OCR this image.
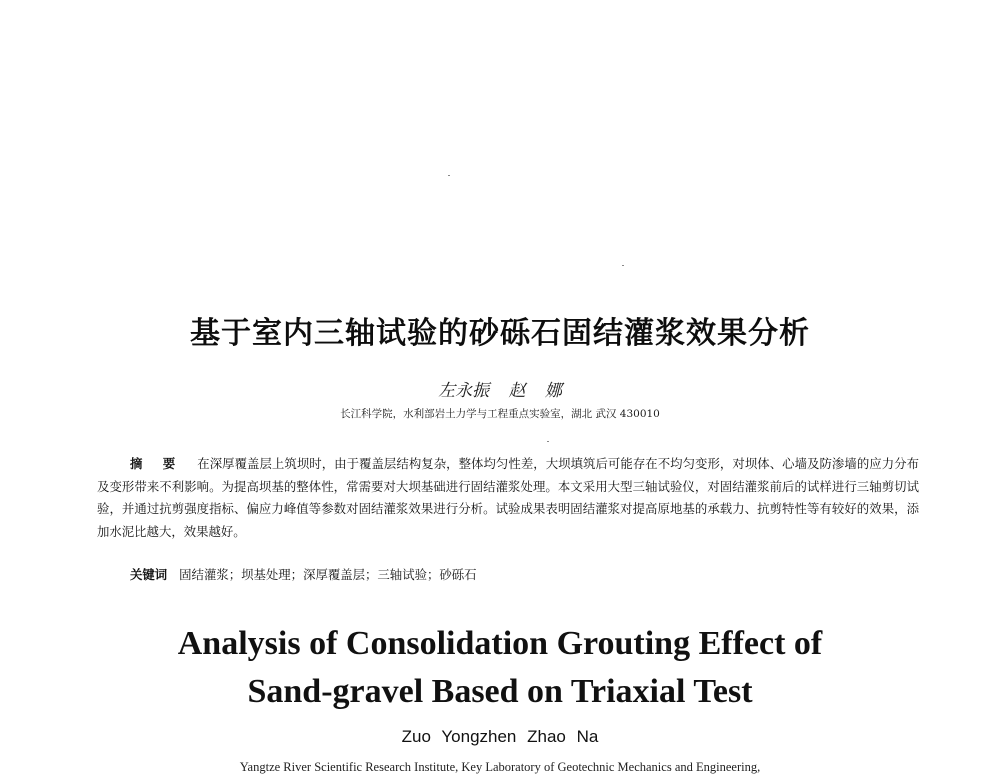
基于室内三轴试验的砂砾石固结灌浆效果分析
左永振 赵 娜
长江科学院，水利部岩土力学与工程重点实验室，湖北 武汉 430010
摘 要 在深厚覆盖层上筑坝时，由于覆盖层结构复杂，整体均匀性差，大坝填筑后可能存在不均匀变形，对坝体、心墙及防渗墙的应力分布及变形带来不利影响。为提高坝基的整体性，常需要对大坝基础进行固结灌浆处理。本文采用大型三轴试验仪，对固结灌浆前后的试样进行三轴剪切试验，并通过抗剪强度指标、偏应力峰值等参数对固结灌浆效果进行分析。试验成果表明固结灌浆对提高原地基的承载力、抗剪特性等有较好的效果，添加水泥比越大，效果越好。
关键词 固结灌浆；坝基处理；深厚覆盖层；三轴试验；砂砾石
Analysis of Consolidation Grouting Effect of
Sand-gravel Based on Triaxial Test
Zuo Yongzhen Zhao Na
Yangtze River Scientific Research Institute, Key Laboratory of Geotechnic Mechanics and Engineering,
